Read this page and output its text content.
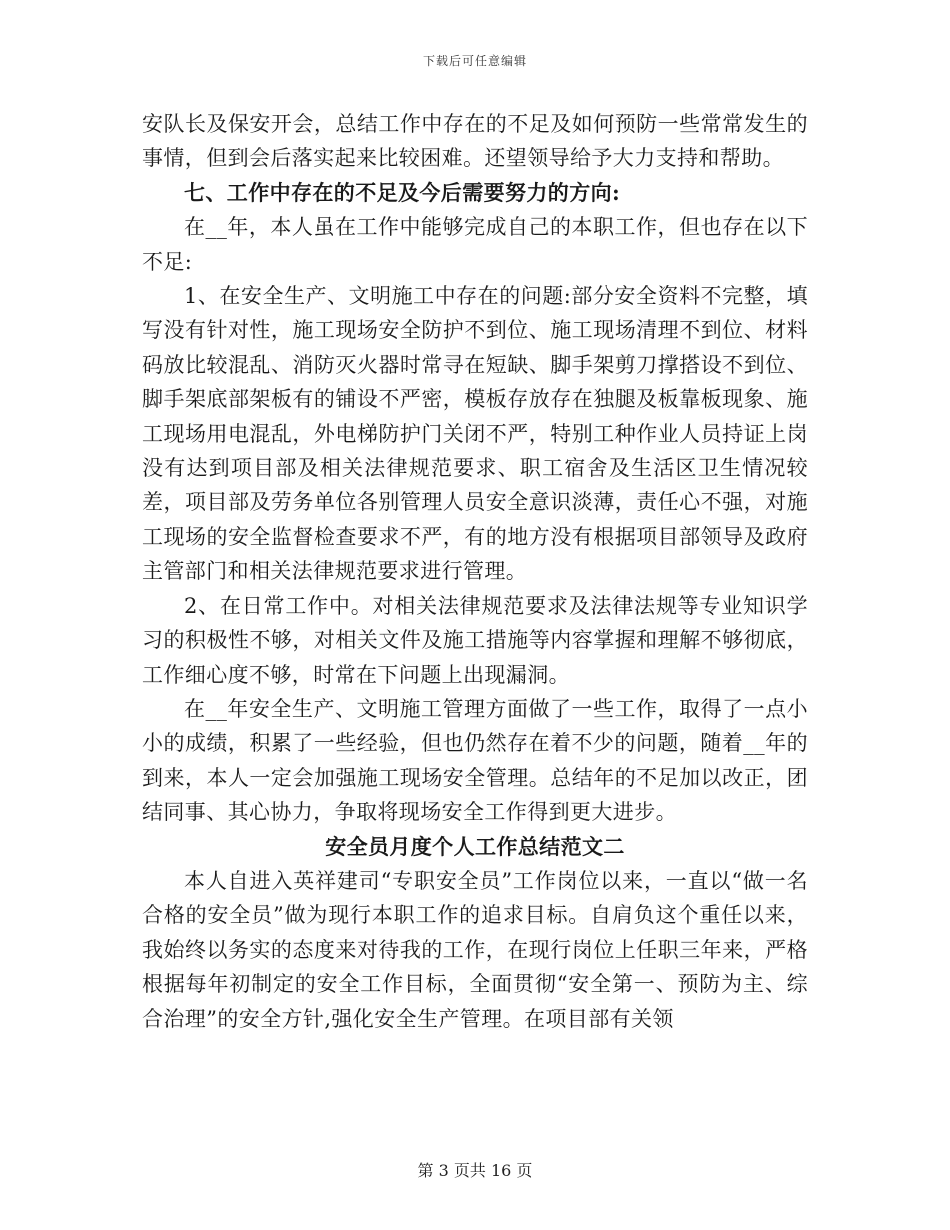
下载后可任意编辑

安队长及保安开会，总结工作中存在的不足及如何预防一些常常发生的事情，但到会后落实起来比较困难。还望领导给予大力支持和帮助。

七、工作中存在的不足及今后需要努力的方向:

在__年，本人虽在工作中能够完成自己的本职工作，但也存在以下不足:

1、在安全生产、文明施工中存在的问题:部分安全资料不完整，填写没有针对性，施工现场安全防护不到位、施工现场清理不到位、材料码放比较混乱、消防灭火器时常寻在短缺、脚手架剪刀撑搭设不到位、脚手架底部架板有的铺设不严密，模板存放存在独腿及板靠板现象、施工现场用电混乱，外电梯防护门关闭不严，特别工种作业人员持证上岗没有达到项目部及相关法律规范要求、职工宿舍及生活区卫生情况较差，项目部及劳务单位各别管理人员安全意识淡薄，责任心不强，对施工现场的安全监督检查要求不严，有的地方没有根据项目部领导及政府主管部门和相关法律规范要求进行管理。

2、在日常工作中。对相关法律规范要求及法律法规等专业知识学习的积极性不够，对相关文件及施工措施等内容掌握和理解不够彻底，工作细心度不够，时常在下问题上出现漏洞。

在__年安全生产、文明施工管理方面做了一些工作，取得了一点小小的成绩，积累了一些经验，但也仍然存在着不少的问题，随着__年的到来，本人一定会加强施工现场安全管理。总结年的不足加以改正，团结同事、其心协力，争取将现场安全工作得到更大进步。

安全员月度个人工作总结范文二

本人自进入英祥建司“专职安全员”工作岗位以来，一直以“做一名合格的安全员”做为现行本职工作的追求目标。自肩负这个重任以来，我始终以务实的态度来对待我的工作，在现行岗位上任职三年来，严格根据每年初制定的安全工作目标，全面贯彻“安全第一、预防为主、综合治理”的安全方针,强化安全生产管理。在项目部有关领

第 3 页共 16 页
